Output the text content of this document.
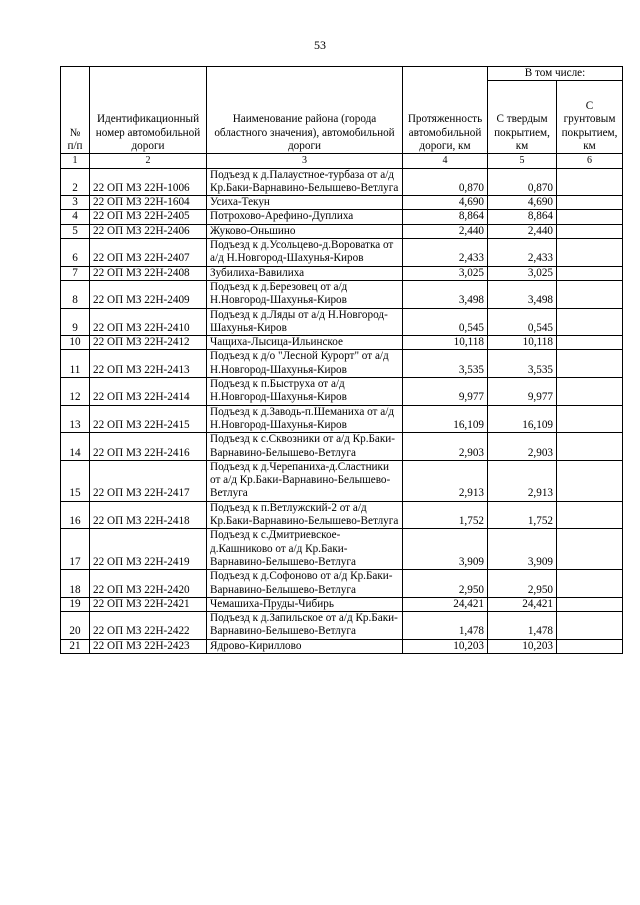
53
№ п/п	Идентификационный номер автомобильной дороги	Наименование района (города областного значения), автомобильной дороги	Протяженность автомобильной дороги, км	В том числе:	
				С твердым покрытием, км	С грунтовым покрытием, км
1	2	3	4	5	6
2	22 ОП МЗ 22Н-1006	Подъезд к д.Палаустное-турбаза от а/д Кр.Баки-Варнавино-Белышево-Ветлуга	0,870	0,870	
3	22 ОП МЗ 22Н-1604	Усиха-Текун	4,690	4,690	
4	22 ОП МЗ 22Н-2405	Потрохово-Арефино-Дуплиха	8,864	8,864	
5	22 ОП МЗ 22Н-2406	Жуково-Оньшино	2,440	2,440	
6	22 ОП МЗ 22Н-2407	Подъезд к д.Усольцево-д.Вороватка от а/д Н.Новгород-Шахунья-Киров	2,433	2,433	
7	22 ОП МЗ 22Н-2408	Зубилиха-Вавилиха	3,025	3,025	
8	22 ОП МЗ 22Н-2409	Подъезд к д.Березовец от а/д Н.Новгород-Шахунья-Киров	3,498	3,498	
9	22 ОП МЗ 22Н-2410	Подъезд к д.Ляды от а/д Н.Новгород-Шахунья-Киров	0,545	0,545	
10	22 ОП МЗ 22Н-2412	Чащиха-Лысица-Ильинское	10,118	10,118	
11	22 ОП МЗ 22Н-2413	Подъезд к д/о "Лесной Курорт" от а/д Н.Новгород-Шахунья-Киров	3,535	3,535	
12	22 ОП МЗ 22Н-2414	Подъезд к п.Быструха от а/д Н.Новгород-Шахунья-Киров	9,977	9,977	
13	22 ОП МЗ 22Н-2415	Подъезд к д.Заводь-п.Шеманиха от а/д Н.Новгород-Шахунья-Киров	16,109	16,109	
14	22 ОП МЗ 22Н-2416	Подъезд к с.Сквозники от а/д Кр.Баки-Варнавино-Белышево-Ветлуга	2,903	2,903	
15	22 ОП МЗ 22Н-2417	Подъезд к д.Черепаниха-д.Сластники от а/д Кр.Баки-Варнавино-Белышево-Ветлуга	2,913	2,913	
16	22 ОП МЗ 22Н-2418	Подъезд к п.Ветлужский-2 от а/д Кр.Баки-Варнавино-Белышево-Ветлуга	1,752	1,752	
17	22 ОП МЗ 22Н-2419	Подъезд к с.Дмитриевское-д.Кашниково от а/д Кр.Баки-Варнавино-Белышево-Ветлуга	3,909	3,909	
18	22 ОП МЗ 22Н-2420	Подъезд к д.Софоново от а/д Кр.Баки-Варнавино-Белышево-Ветлуга	2,950	2,950	
19	22 ОП МЗ 22Н-2421	Чемашиха-Пруды-Чибирь	24,421	24,421	
20	22 ОП МЗ 22Н-2422	Подъезд к д.Запильское от а/д Кр.Баки-Варнавино-Белышево-Ветлуга	1,478	1,478	
21	22 ОП МЗ 22Н-2423	Ядрово-Кириллово	10,203	10,203	
